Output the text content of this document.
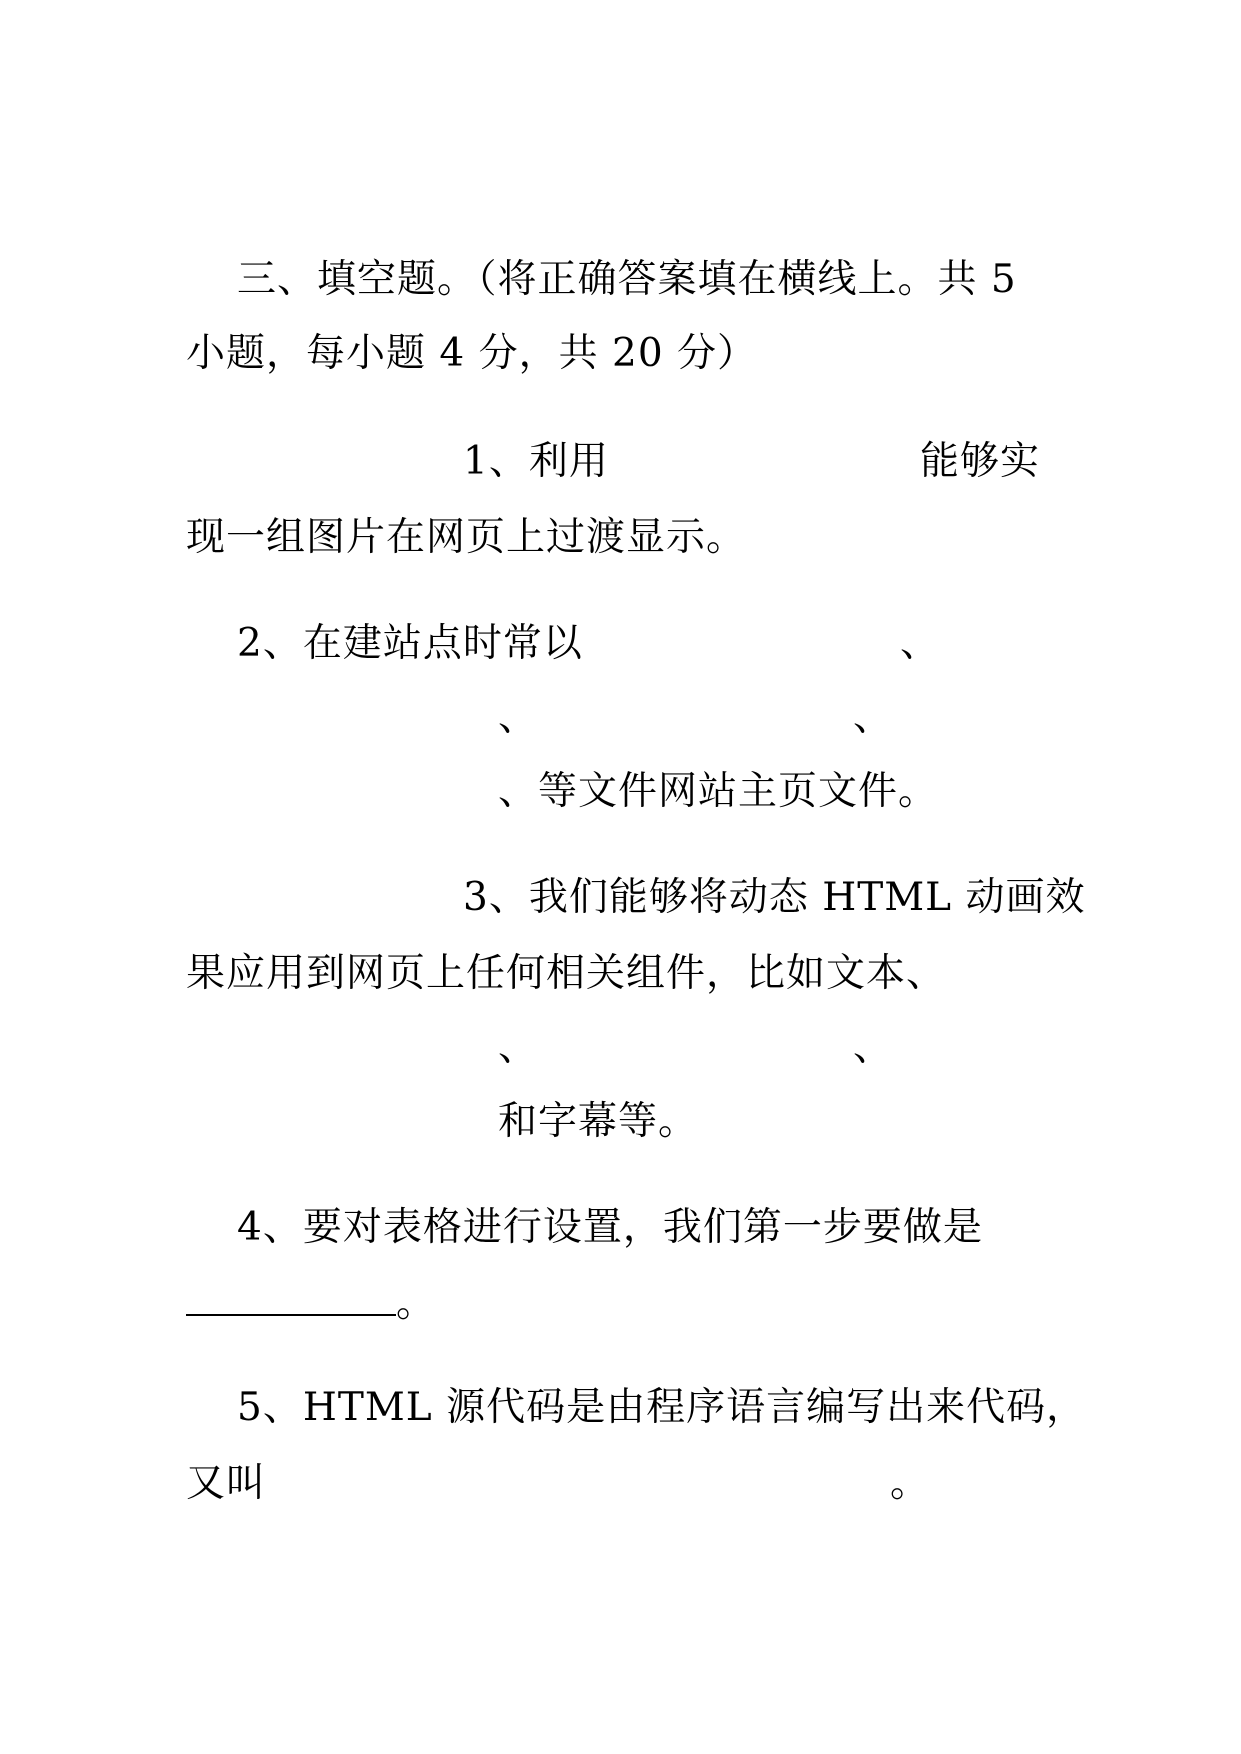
三、填空题。（将正确答案填在横线上。共 5
小题，每小题 4 分，共 20 分）
1、利用	能够实
现一组图片在网页上过渡显示。
2、在建站点时常以	、
、	、
、等文件网站主页文件。
3、我们能够将动态 HTML 动画效
果应用到网页上任何相关组件，比如文本、
、	、
和字幕等。
4、要对表格进行设置，我们第一步要做是
。
5、HTML 源代码是由程序语言编写出来代码，
又叫	。
